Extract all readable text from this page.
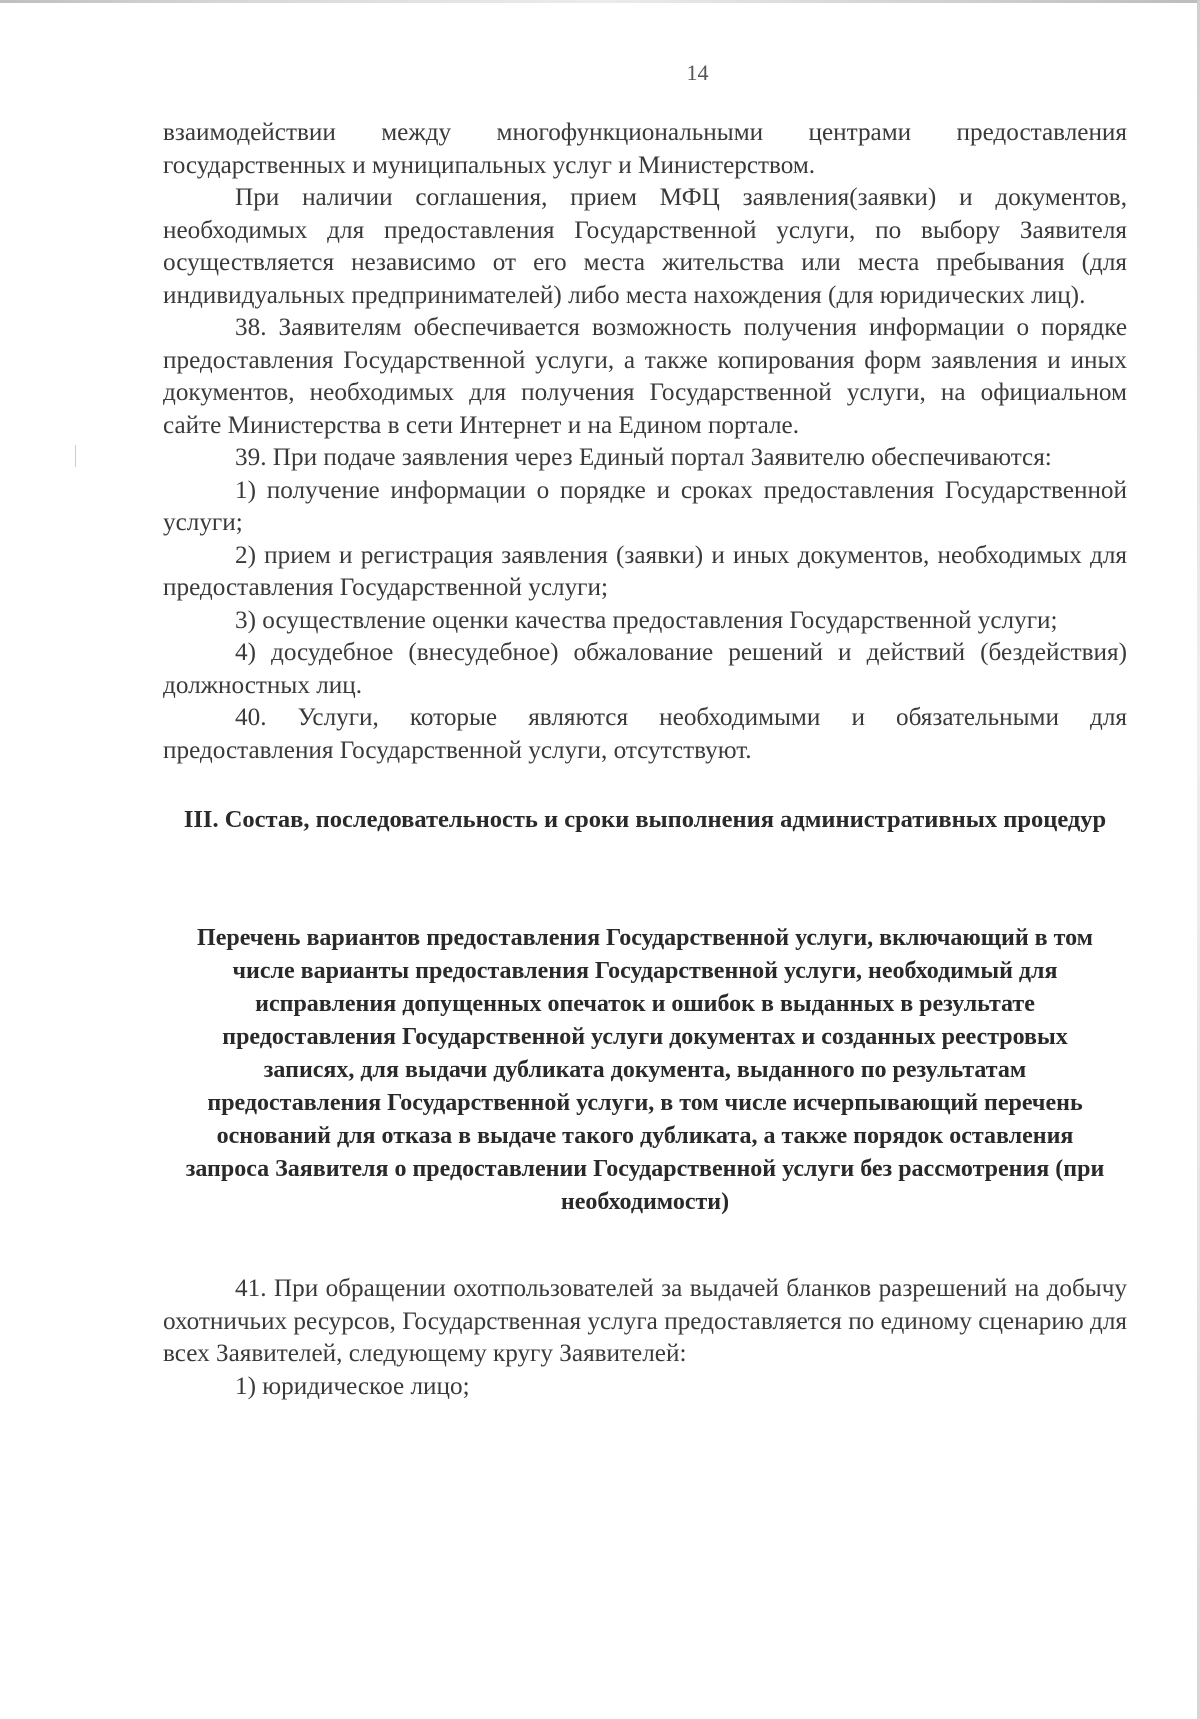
14

взаимодействии между многофункциональными центрами предоставления государственных и муниципальных услуг и Министерством.

При наличии соглашения, прием МФЦ заявления(заявки) и документов, необходимых для предоставления Государственной услуги, по выбору Заявителя осуществляется независимо от его места жительства или места пребывания (для индивидуальных предпринимателей) либо места нахождения (для юридических лиц).

38. Заявителям обеспечивается возможность получения информации о порядке предоставления Государственной услуги, а также копирования форм заявления и иных документов, необходимых для получения Государственной услуги, на официальном сайте Министерства в сети Интернет и на Едином портале.

39. При подаче заявления через Единый портал Заявителю обеспечиваются:

1) получение информации о порядке и сроках предоставления Государственной услуги;

2) прием и регистрация заявления (заявки) и иных документов, необходимых для предоставления Государственной услуги;

3) осуществление оценки качества предоставления Государственной услуги;

4) досудебное (внесудебное) обжалование решений и действий (бездействия) должностных лиц.

40. Услуги, которые являются необходимыми и обязательными для предоставления Государственной услуги, отсутствуют.

III. Состав, последовательность и сроки выполнения административных процедур
Перечень вариантов предоставления Государственной услуги, включающий в том числе варианты предоставления Государственной услуги, необходимый для исправления допущенных опечаток и ошибок в выданных в результате предоставления Государственной услуги документах и созданных реестровых записях, для выдачи дубликата документа, выданного по результатам предоставления Государственной услуги, в том числе исчерпывающий перечень оснований для отказа в выдаче такого дубликата, а также порядок оставления запроса Заявителя о предоставлении Государственной услуги без рассмотрения (при необходимости)

41. При обращении охотпользователей за выдачей бланков разрешений на добычу охотничьих ресурсов, Государственная услуга предоставляется по единому сценарию для всех Заявителей, следующему кругу Заявителей:

1) юридическое лицо;
